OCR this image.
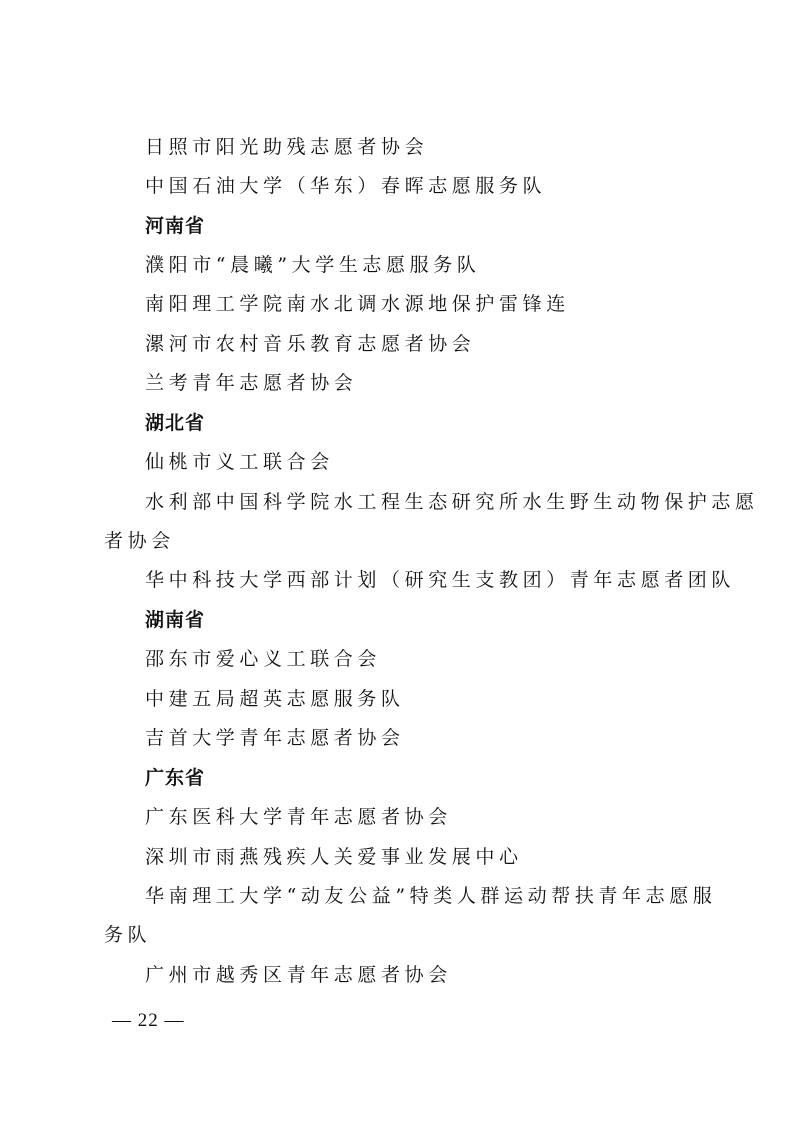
日照市阳光助残志愿者协会
中国石油大学（华东）春晖志愿服务队
河南省
濮阳市“晨曦”大学生志愿服务队
南阳理工学院南水北调水源地保护雷锋连
漯河市农村音乐教育志愿者协会
兰考青年志愿者协会
湖北省
仙桃市义工联合会
水利部中国科学院水工程生态研究所水生野生动物保护志愿
者协会
华中科技大学西部计划（研究生支教团）青年志愿者团队
湖南省
邵东市爱心义工联合会
中建五局超英志愿服务队
吉首大学青年志愿者协会
广东省
广东医科大学青年志愿者协会
深圳市雨燕残疾人关爱事业发展中心
华南理工大学“动友公益”特类人群运动帮扶青年志愿服
务队
广州市越秀区青年志愿者协会
— 22 —
